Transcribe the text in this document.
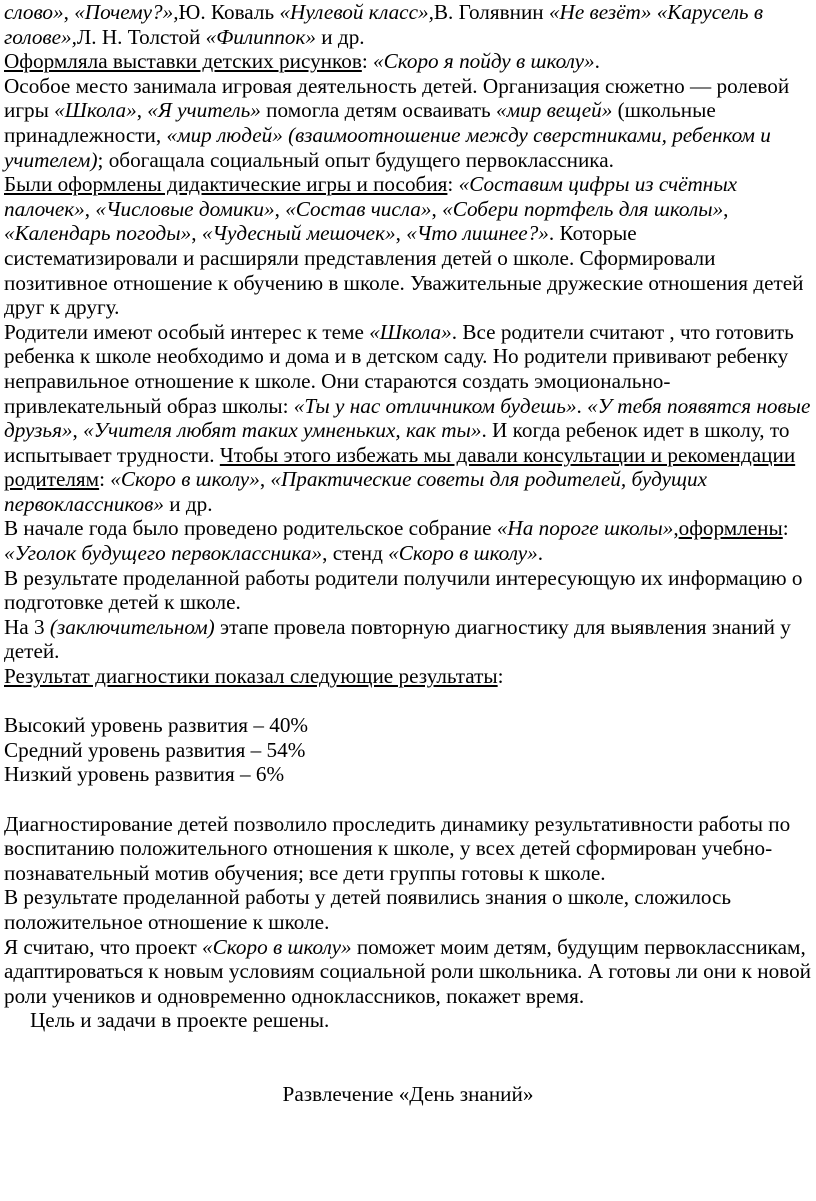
слово», «Почему?»,Ю. Коваль «Нулевой класс»,В. Голявнин «Не везёт» «Карусель в голове»,Л. Н. Толстой «Филиппок» и др.

Оформляла выставки детских рисунков: «Скоро я пойду в школу».

Особое место занимала игровая деятельность детей. Организация сюжетно — ролевой игры «Школа», «Я учитель» помогла детям осваивать «мир вещей» (школьные принадлежности, «мир людей» (взаимоотношение между сверстниками, ребенком и учителем); обогащала социальный опыт будущего первоклассника.

Были оформлены дидактические игры и пособия: «Составим цифры из счётных палочек», «Числовые домики», «Состав числа», «Собери портфель для школы», «Календарь погоды», «Чудесный мешочек», «Что лишнее?». Которые систематизировали и расширяли представления детей о школе. Сформировали позитивное отношение к обучению в школе. Уважительные дружеские отношения детей друг к другу.

Родители имеют особый интерес к теме «Школа». Все родители считают , что готовить ребенка к школе необходимо и дома и в детском саду. Но родители прививают ребенку неправильное отношение к школе. Они стараются создать эмоционально-привлекательный образ школы: «Ты у нас отличником будешь». «У тебя появятся новые друзья», «Учителя любят таких умненьких, как ты». И когда ребенок идет в школу, то испытывает трудности. Чтобы этого избежать мы давали консультации и рекомендации родителям: «Скоро в школу», «Практические советы для родителей, будущих первоклассников» и др.

В начале года было проведено родительское собрание «На пороге школы»,оформлены: «Уголок будущего первоклассника», стенд «Скоро в школу».

В результате проделанной работы родители получили интересующую их информацию о подготовке детей к школе.

На 3 (заключительном) этапе провела повторную диагностику для выявления знаний у детей.

Результат диагностики показал следующие результаты:

Высокий уровень развития – 40%

Средний уровень развития – 54%

Низкий уровень развития – 6%

Диагностирование детей позволило проследить динамику результативности работы по воспитанию положительного отношения к школе, у всех детей сформирован учебно-познавательный мотив обучения; все дети группы готовы к школе.

В результате проделанной работы у детей появились знания о школе, сложилось положительное отношение к школе.

Я считаю, что проект «Скоро в школу» поможет моим детям, будущим первоклассникам, адаптироваться к новым условиям социальной роли школьника. А готовы ли они к новой роли учеников и одновременно одноклассников, покажет время.

Цель и задачи в проекте решены.

Развлечение «День знаний»
